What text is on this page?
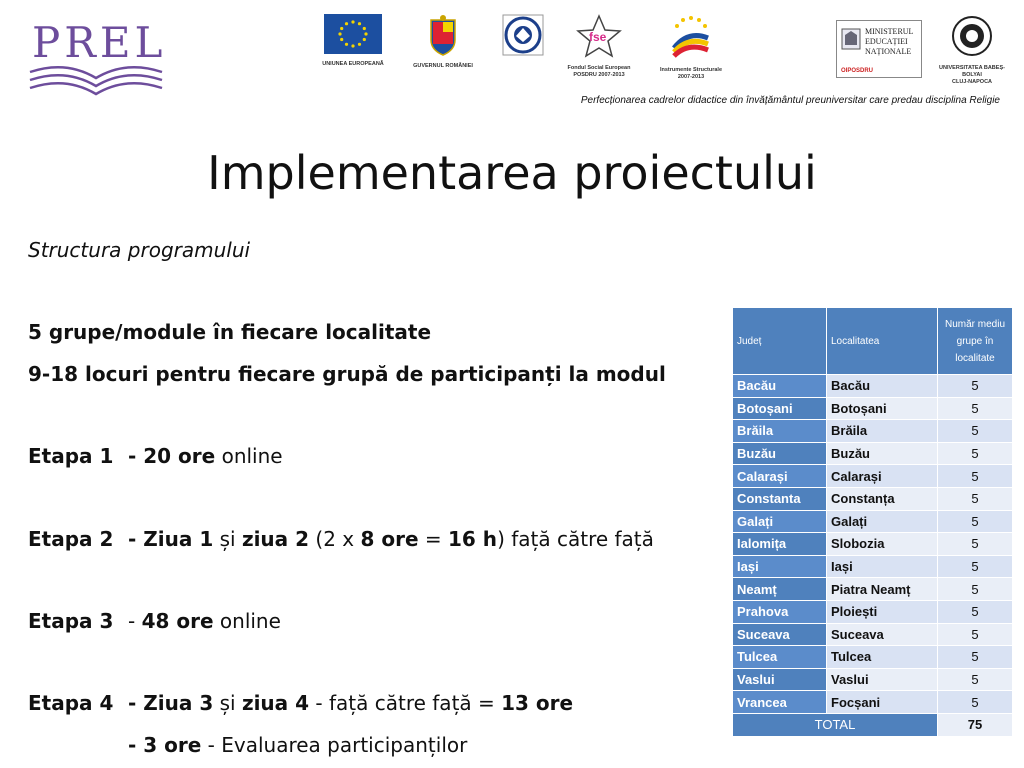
PREL	UNIUNEA EUROPEANĂ	GUVERNUL ROMÂNIEI
fse
Fondul Social European
POSDRU 2007-2013
Instrumente Structurale
2007-2013
MINISTERUL
EDUCAȚIEI
NAȚIONALE
OIPOSDRU	UNIVERSITATEA BABEȘ-BOLYAI
CLUJ-NAPOCA
Perfecționarea cadrelor didactice din învățământul preuniversitar care predau disciplina Religie
Implementarea proiectului
Structura programului
5 grupe/module în fiecare localitate
9-18 locuri pentru fiecare grupă de participanți la modul
Etapa 1 - 20 ore online
Etapa 2 - Ziua 1 și ziua 2 (2 x 8 ore = 16 h) față către față
Etapa 3 - 48 ore online
Etapa 4 - Ziua 3 și ziua 4 - față către față = 13 ore
- 3 ore - Evaluarea participanților
Județ	Localitatea	Număr mediu grupe în localitate
Bacău	Bacău	5
Botoșani	Botoșani	5
Brăila	Brăila	5
Buzău	Buzău	5
Calarași	Calarași	5
Constanta	Constanța	5
Galați	Galați	5
Ialomița	Slobozia	5
Iași	Iași	5
Neamț	Piatra Neamț	5
Prahova	Ploiești	5
Suceava	Suceava	5
Tulcea	Tulcea	5
Vaslui	Vaslui	5
Vrancea	Focșani	5
TOTAL		75
